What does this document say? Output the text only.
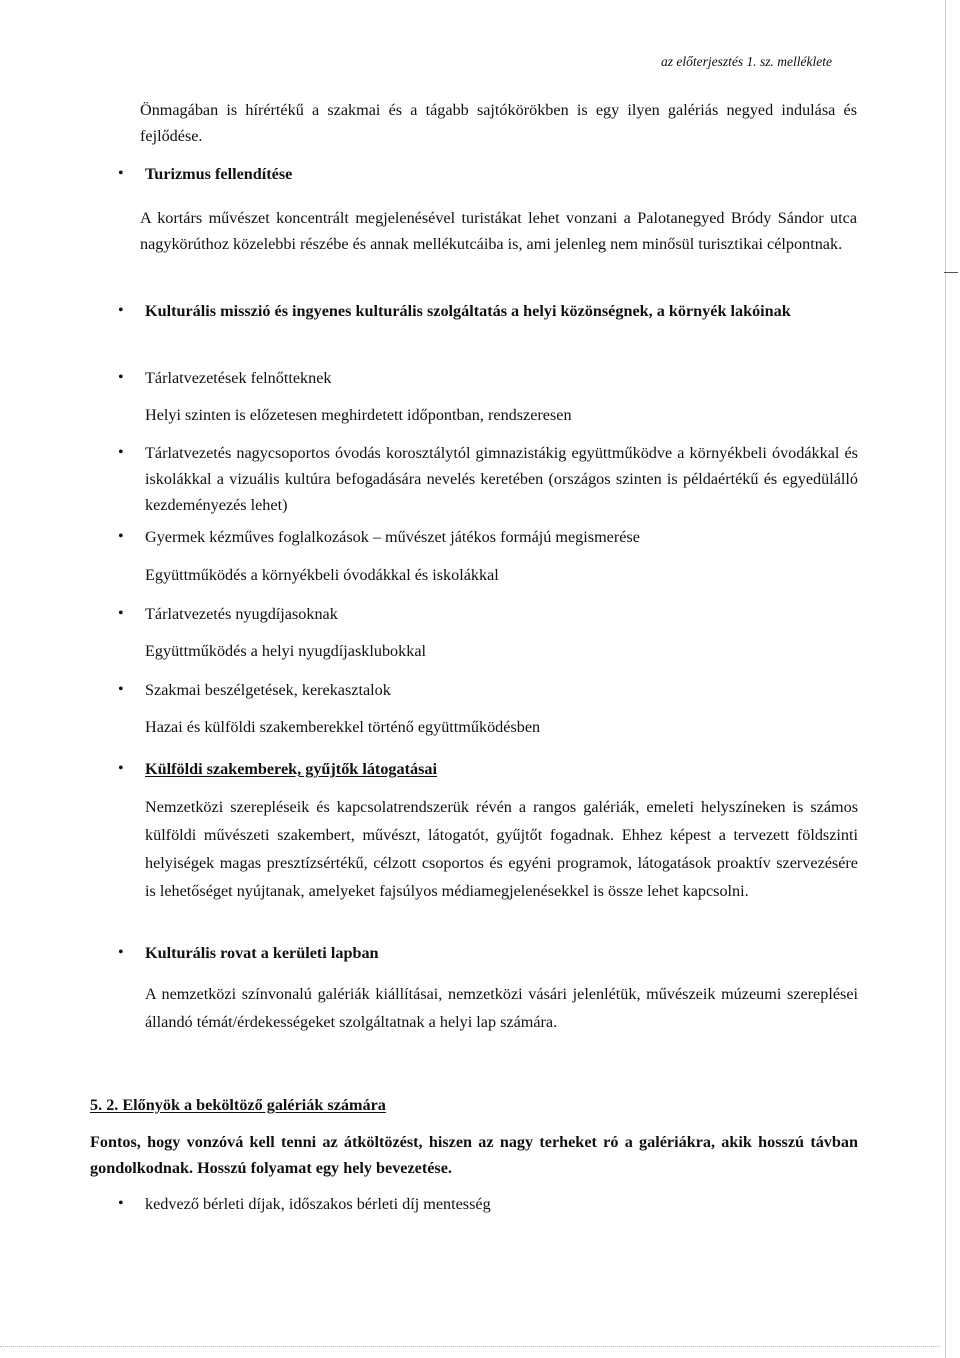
az előterjesztés 1. sz. melléklete

Önmagában is hírértékű a szakmai és a tágabb sajtókörökben is egy ilyen galériás negyed indulása és fejlődése.

• Turizmus fellendítése

A kortárs művészet koncentrált megjelenésével turistákat lehet vonzani a Palotanegyed Bródy Sándor utca nagykörúthoz közelebbi részébe és annak mellékutcáiba is, ami jelenleg nem minősül turisztikai célpontnak.

• Kulturális misszió és ingyenes kulturális szolgáltatás a helyi közönségnek, a környék lakóinak
• Tárlatvezetések felnőtteknek
Helyi szinten is előzetesen meghirdetett időpontban, rendszeresen
• Tárlatvezetés nagycsoportos óvodás korosztálytól gimnazistákig együttműködve a környékbeli óvodákkal és iskolákkal a vizuális kultúra befogadására nevelés keretében (országos szinten is példaértékű és egyedülálló kezdeményezés lehet)

• Gyermek kézműves foglalkozások – művészet játékos formájú megismerése
Együttműködés a környékbeli óvodákkal és iskolákkal
• Tárlatvezetés nyugdíjasoknak
Együttműködés a helyi nyugdíjasklubokkal
• Szakmai beszélgetések, kerekasztalok
Hazai és külföldi szakemberekkel történő együttműködésben
• Külföldi szakemberek, gyűjtők látogatásai

Nemzetközi szerepléseik és kapcsolatrendszerük révén a rangos galériák, emeleti helyszíneken is számos külföldi művészeti szakembert, művészt, látogatót, gyűjtőt fogadnak. Ehhez képest a tervezett földszinti helyiségek magas presztízsértékű, célzott csoportos és egyéni programok, látogatások proaktív szervezésére is lehetőséget nyújtanak, amelyeket fajsúlyos médiamegjelenésekkel is össze lehet kapcsolni.

• Kulturális rovat a kerületi lapban

A nemzetközi színvonalú galériák kiállításai, nemzetközi vásári jelenlétük, művészeik múzeumi szereplései állandó témát/érdekességeket szolgáltatnak a helyi lap számára.

5. 2. Előnyök a beköltöző galériák számára

Fontos, hogy vonzóvá kell tenni az átköltözést, hiszen az nagy terheket ró a galériákra, akik hosszú távban gondolkodnak. Hosszú folyamat egy hely bevezetése.

• kedvező bérleti díjak, időszakos bérleti díj mentesség
